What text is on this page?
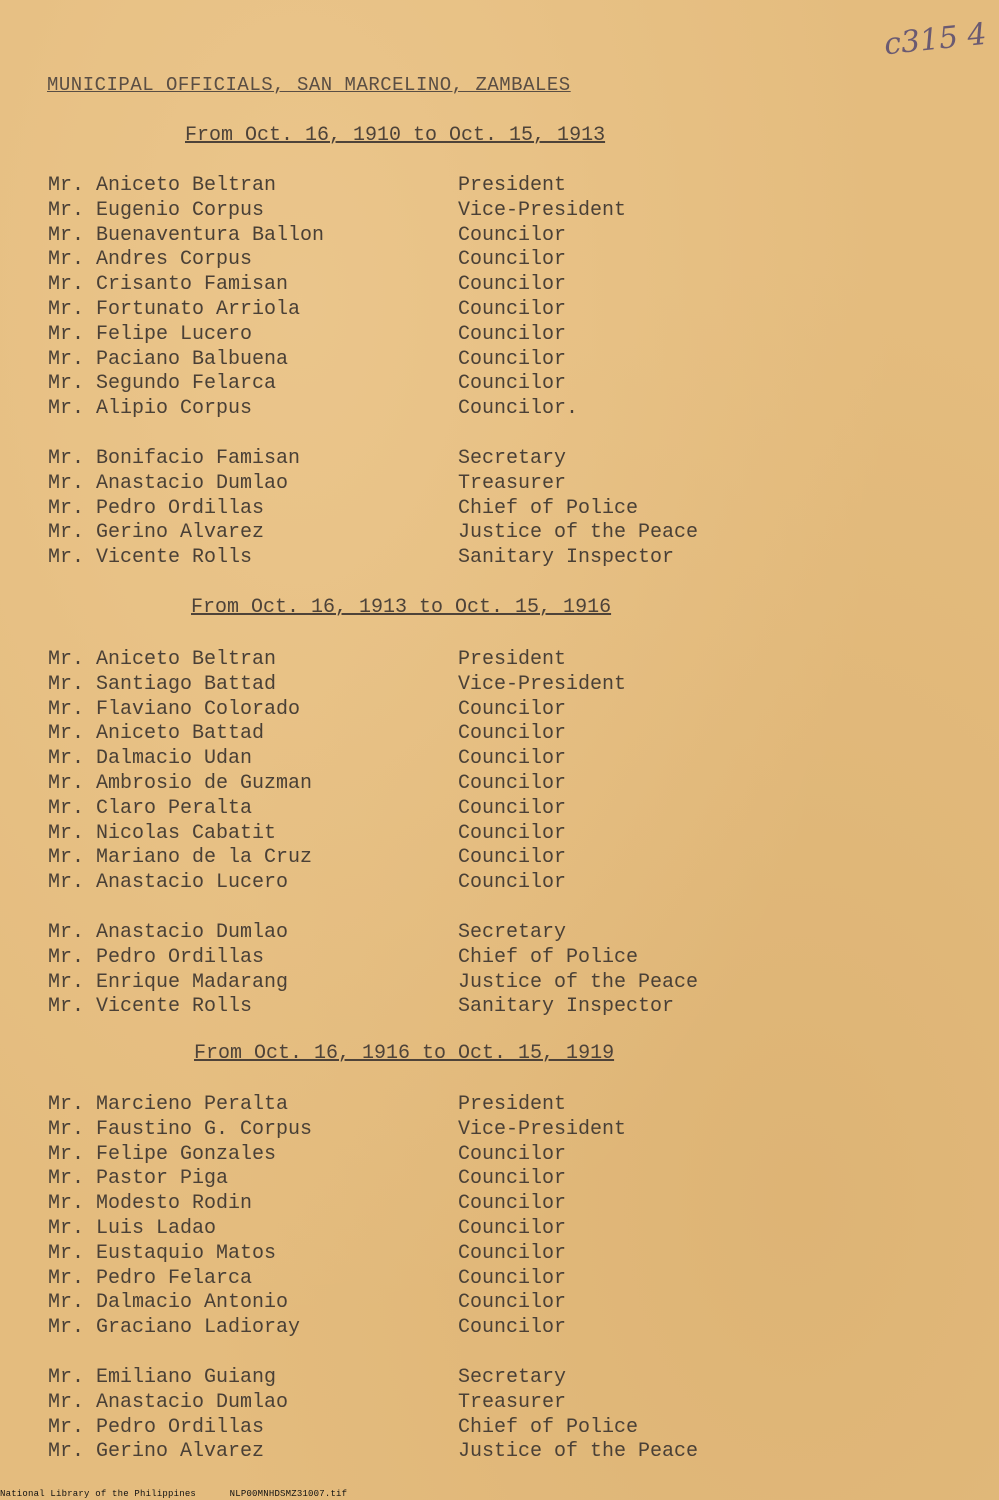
c315 4
MUNICIPAL OFFICIALS, SAN MARCELINO, ZAMBALES
From Oct. 16, 1910 to Oct. 15, 1913
Mr. Aniceto Beltran	President
Mr. Eugenio Corpus	Vice-President
Mr. Buenaventura Ballon	Councilor
Mr. Andres Corpus	Councilor
Mr. Crisanto Famisan	Councilor
Mr. Fortunato Arriola	Councilor
Mr. Felipe Lucero	Councilor
Mr. Paciano Balbuena	Councilor
Mr. Segundo Felarca	Councilor
Mr. Alipio Corpus	Councilor.
Mr. Bonifacio Famisan	Secretary
Mr. Anastacio Dumlao	Treasurer
Mr. Pedro Ordillas	Chief of Police
Mr. Gerino Alvarez	Justice of the Peace
Mr. Vicente Rolls	Sanitary Inspector
From Oct. 16, 1913 to Oct. 15, 1916
Mr. Aniceto Beltran	President
Mr. Santiago Battad	Vice-President
Mr. Flaviano Colorado	Councilor
Mr. Aniceto Battad	Councilor
Mr. Dalmacio Udan	Councilor
Mr. Ambrosio de Guzman	Councilor
Mr. Claro Peralta	Councilor
Mr. Nicolas Cabatit	Councilor
Mr. Mariano de la Cruz	Councilor
Mr. Anastacio Lucero	Councilor
Mr. Anastacio Dumlao	Secretary
Mr. Pedro Ordillas	Chief of Police
Mr. Enrique Madarang	Justice of the Peace
Mr. Vicente Rolls	Sanitary Inspector
From Oct. 16, 1916 to Oct. 15, 1919
Mr. Marcieno Peralta	President
Mr. Faustino G. Corpus	Vice-President
Mr. Felipe Gonzales	Councilor
Mr. Pastor Piga	Councilor
Mr. Modesto Rodin	Councilor
Mr. Luis Ladao	Councilor
Mr. Eustaquio Matos	Councilor
Mr. Pedro Felarca	Councilor
Mr. Dalmacio Antonio	Councilor
Mr. Graciano Ladioray	Councilor
Mr. Emiliano Guiang	Secretary
Mr. Anastacio Dumlao	Treasurer
Mr. Pedro Ordillas	Chief of Police
Mr. Gerino Alvarez	Justice of the Peace
National Library of the Philippines	NLP00MNHDSMZ31007.tif
